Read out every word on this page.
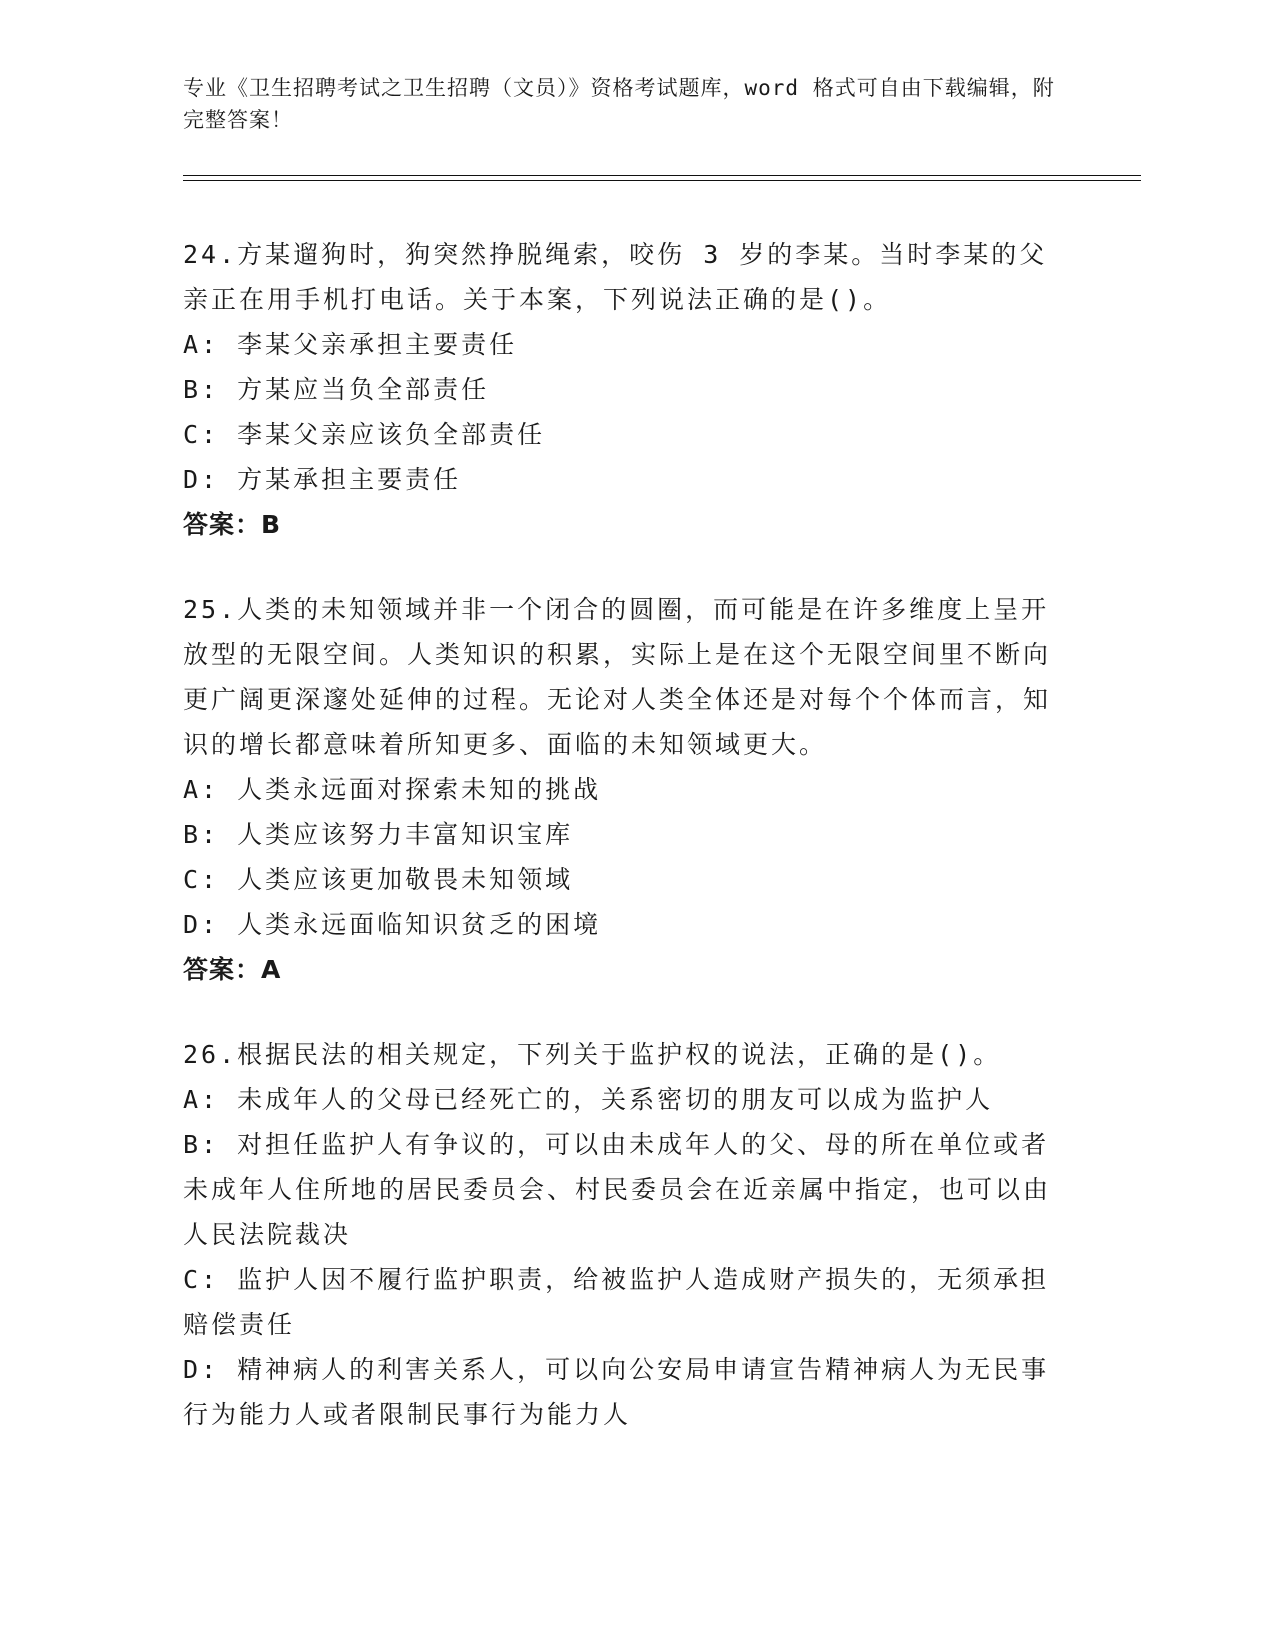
专业《卫生招聘考试之卫生招聘（文员）》资格考试题库，word 格式可自由下载编辑，附完整答案！
24.方某遛狗时，狗突然挣脱绳索，咬伤 3 岁的李某。当时李某的父亲正在用手机打电话。关于本案，下列说法正确的是()。
A: 李某父亲承担主要责任
B: 方某应当负全部责任
C: 李某父亲应该负全部责任
D: 方某承担主要责任
答案：B
25.人类的未知领域并非一个闭合的圆圈，而可能是在许多维度上呈开放型的无限空间。人类知识的积累，实际上是在这个无限空间里不断向更广阔更深邃处延伸的过程。无论对人类全体还是对每个个体而言，知识的增长都意味着所知更多、面临的未知领域更大。
A: 人类永远面对探索未知的挑战
B: 人类应该努力丰富知识宝库
C: 人类应该更加敬畏未知领域
D: 人类永远面临知识贫乏的困境
答案：A
26.根据民法的相关规定，下列关于监护权的说法，正确的是()。
A: 未成年人的父母已经死亡的，关系密切的朋友可以成为监护人
B: 对担任监护人有争议的，可以由未成年人的父、母的所在单位或者未成年人住所地的居民委员会、村民委员会在近亲属中指定，也可以由人民法院裁决
C: 监护人因不履行监护职责，给被监护人造成财产损失的，无须承担赔偿责任
D: 精神病人的利害关系人，可以向公安局申请宣告精神病人为无民事行为能力人或者限制民事行为能力人
